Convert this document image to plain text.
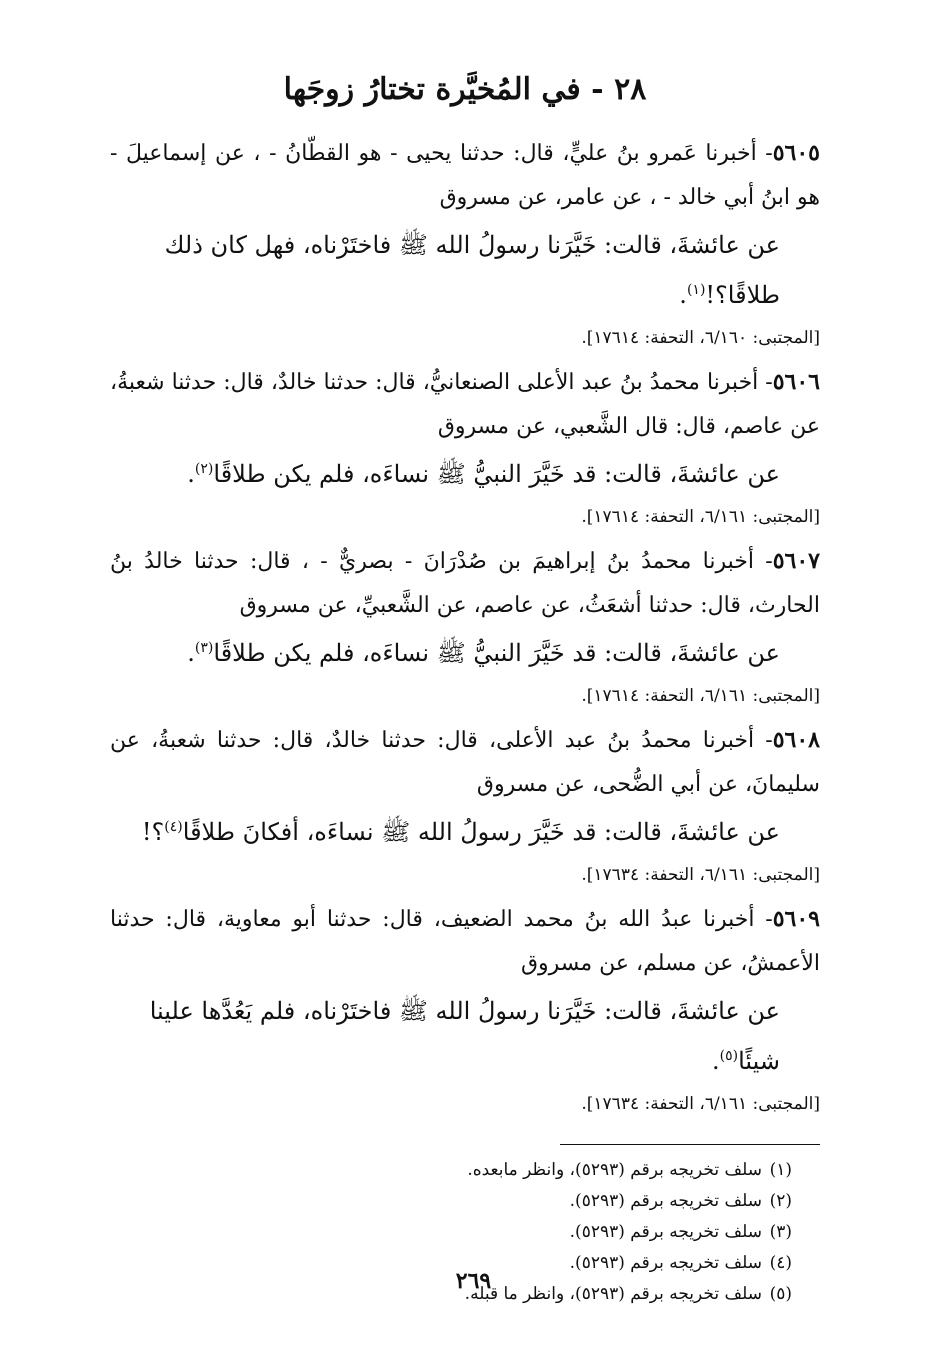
٢٨ - في المُخيَّرة تختارُ زوجَها

٥٦٠٥- أخبرنا عَمرو بنُ عليٍّ، قال: حدثنا يحيى - هو القطّانُ - ، عن إسماعيلَ - هو ابنُ أبي خالد - ، عن عامر، عن مسروق

عن عائشةَ، قالت: خَيَّرَنا رسولُ الله ﷺ فاختَرْناه، فهل كان ذلك طلاقًا؟!$^{(١)}$.

[المجتبى: ٦/١٦٠، التحفة: ١٧٦١٤].

٥٦٠٦- أخبرنا محمدُ بنُ عبد الأعلى الصنعانيُّ، قال: حدثنا خالدٌ، قال: حدثنا شعبةُ، عن عاصم، قال: قال الشَّعبي، عن مسروق

عن عائشةَ، قالت: قد خَيَّرَ النبيُّ ﷺ نساءَه، فلم يكن طلاقًا$^{(٢)}$.

[المجتبى: ٦/١٦١، التحفة: ١٧٦١٤].

٥٦٠٧- أخبرنا محمدُ بنُ إبراهيمَ بن صُدْرَانَ - بصريٌّ - ، قال: حدثنا خالدُ بنُ الحارث، قال: حدثنا أشعَثُ، عن عاصم، عن الشَّعبيِّ، عن مسروق

عن عائشةَ، قالت: قد خَيَّرَ النبيُّ ﷺ نساءَه، فلم يكن طلاقًا$^{(٣)}$.

[المجتبى: ٦/١٦١، التحفة: ١٧٦١٤].

٥٦٠٨- أخبرنا محمدُ بنُ عبد الأعلى، قال: حدثنا خالدٌ، قال: حدثنا شعبةُ، عن سليمانَ، عن أبي الضُّحى، عن مسروق

عن عائشةَ، قالت: قد خَيَّرَ رسولُ الله ﷺ نساءَه، أفكانَ طلاقًا$^{(٤)}$؟!

[المجتبى: ٦/١٦١، التحفة: ١٧٦٣٤].

٥٦٠٩- أخبرنا عبدُ الله بنُ محمد الضعيف، قال: حدثنا أبو معاوية، قال: حدثنا الأعمشُ، عن مسلم، عن مسروق

عن عائشةَ، قالت: خَيَّرَنا رسولُ الله ﷺ فاختَرْناه، فلم يَعُدَّها علينا شيئًا$^{(٥)}$.

[المجتبى: ٦/١٦١، التحفة: ١٧٦٣٤].

(١)سلف تخريجه برقم (٥٢٩٣)، وانظر مابعده.
(٢)سلف تخريجه برقم (٥٢٩٣).
(٣)سلف تخريجه برقم (٥٢٩٣).
(٤)سلف تخريجه برقم (٥٢٩٣).
(٥)سلف تخريجه برقم (٥٢٩٣)، وانظر ما قبله.
٢٦٩
